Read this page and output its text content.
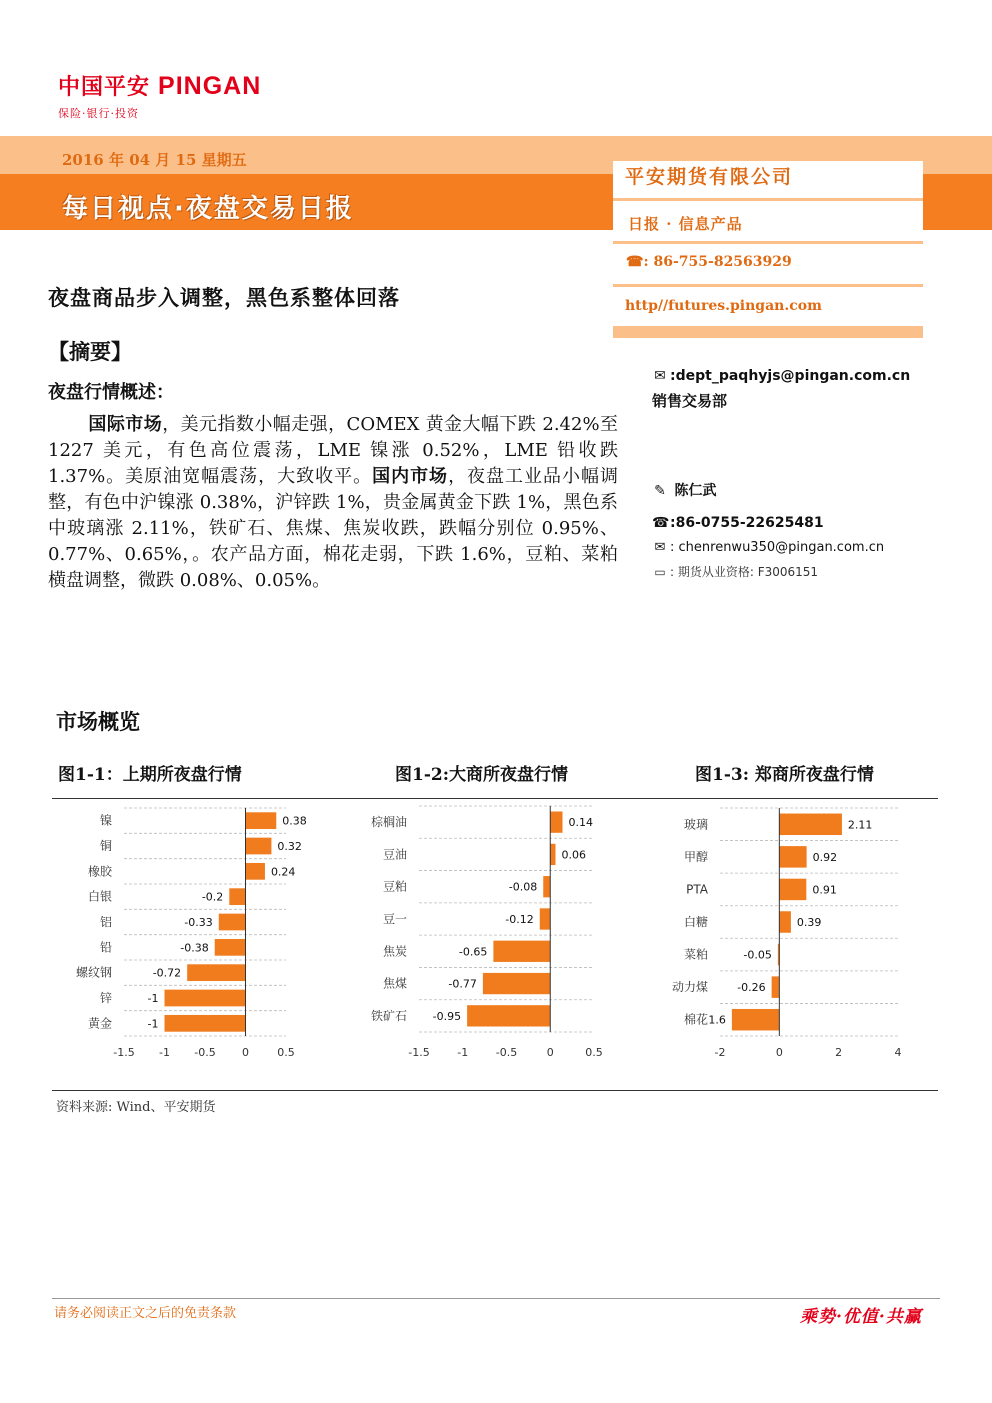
中国平安 PINGAN
保险·银行·投资
2016 年 04 月 15 星期五
每日视点·夜盘交易日报
平安期货有限公司
日报 · 信息产品
☎: 86-755-82563929
http//futures.pingan.com
✉ :dept_paqhyjs@pingan.com.cn
销售交易部
✎ 陈仁武
☎:86-0755-22625481
✉ : chenrenwu350@pingan.com.cn
▭ : 期货从业资格: F3006151
夜盘商品步入调整，黑色系整体回落
【摘要】
夜盘行情概述：
国际市场，美元指数小幅走强，COMEX 黄金大幅下跌 2.42%至 1227 美元，有色高位震荡，LME 镍涨 0.52%，LME 铅收跌 1.37%。美原油宽幅震荡，大致收平。国内市场，夜盘工业品小幅调整，有色中沪镍涨 0.38%，沪锌跌 1%，贵金属黄金下跌 1%，黑色系中玻璃涨 2.11%，铁矿石、焦煤、焦炭收跌，跌幅分别位 0.95%、0.77%、0.65%，。农产品方面，棉花走弱，下跌 1.6%，豆粕、菜粕横盘调整，微跌 0.08%、0.05%。
市场概览
图1-1：上期所夜盘行情	图1-2:大商所夜盘行情	图1-3: 郑商所夜盘行情
镍	0.38
铜	0.32
橡胶	0.24
白银	-0.2
铝	-0.33
铅	-0.38
螺纹钢	-0.72
锌	-1
黄金	-1
-1.5 -1 -0.5 0	0.5
棕榈油	0.14
豆油	0.06
豆粕	-0.08
豆一	-0.12
焦炭	-0.65
焦煤	-0.77
铁矿石 -0.95
-1.5	-1	-0.5	0	0.5
玻璃	2.11
甲醇	0.92
PTA	0.91
白糖	0.39
菜粕	-0.05
动力煤	-0.26
棉花 1.6
-2	0	2	4
资料来源: Wind、平安期货
请务必阅读正文之后的免责条款	乘势·优值·共赢
